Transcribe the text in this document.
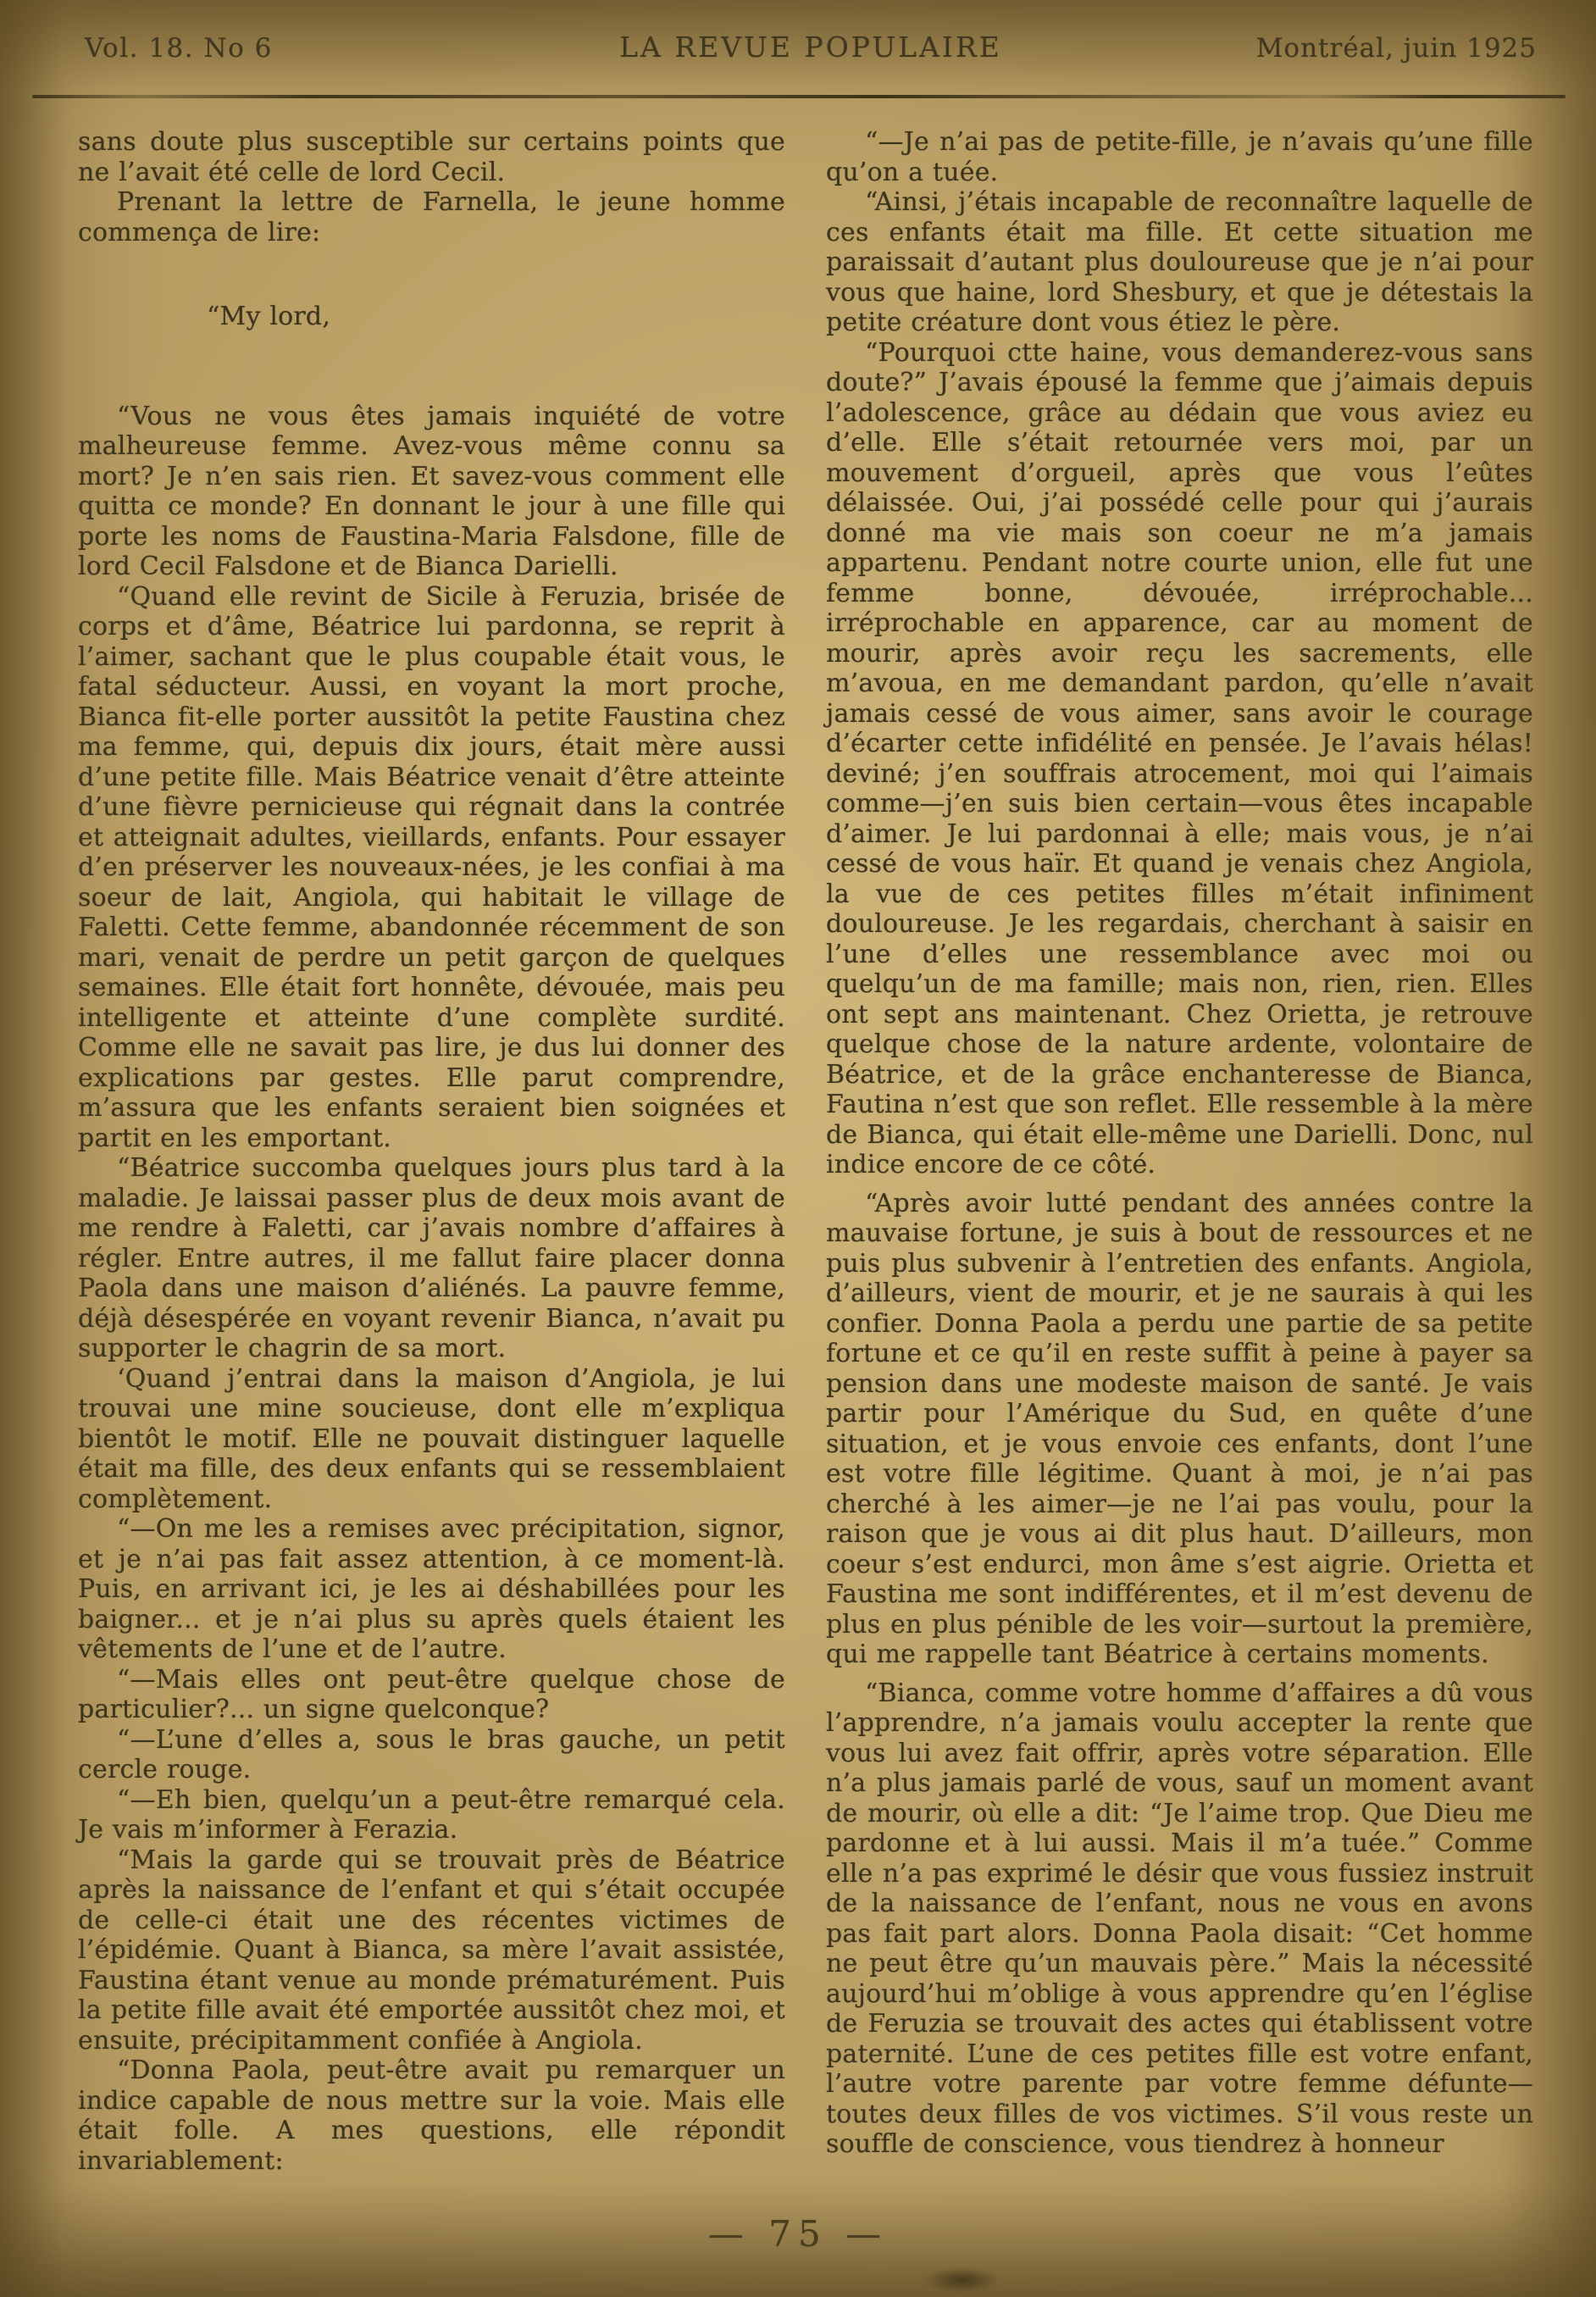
Vol. 18. No 6	LA REVUE POPULAIRE	Montréal, juin 1925

sans doute plus susceptible sur certains points que ne l’avait été celle de lord Cecil.

Prenant la lettre de Farnella, le jeune homme commença de lire:

“My lord,

“Vous ne vous êtes jamais inquiété de votre malheureuse femme. Avez-vous même connu sa mort? Je n’en sais rien. Et savez-vous comment elle quitta ce monde? En donnant le jour à une fille qui porte les noms de Faustina-Maria Falsdone, fille de lord Cecil Falsdone et de Bianca Darielli.

“Quand elle revint de Sicile à Feruzia, brisée de corps et d’âme, Béatrice lui pardonna, se reprit à l’aimer, sachant que le plus coupable était vous, le fatal séducteur. Aussi, en voyant la mort proche, Bianca fit-elle porter aussitôt la petite Faustina chez ma femme, qui, depuis dix jours, était mère aussi d’une petite fille. Mais Béatrice venait d’être atteinte d’une fièvre pernicieuse qui régnait dans la contrée et atteignait adultes, vieillards, enfants. Pour essayer d’en préserver les nouveaux-nées, je les confiai à ma soeur de lait, Angiola, qui habitait le village de Faletti. Cette femme, abandonnée récemment de son mari, venait de perdre un petit garçon de quelques semaines. Elle était fort honnête, dévouée, mais peu intelligente et atteinte d’une complète surdité. Comme elle ne savait pas lire, je dus lui donner des explications par gestes. Elle parut comprendre, m’assura que les enfants seraient bien soignées et partit en les emportant.

“Béatrice succomba quelques jours plus tard à la maladie. Je laissai passer plus de deux mois avant de me rendre à Faletti, car j’avais nombre d’affaires à régler. Entre autres, il me fallut faire placer donna Paola dans une maison d’aliénés. La pauvre femme, déjà désespérée en voyant revenir Bianca, n’avait pu supporter le chagrin de sa mort.

‘Quand j’entrai dans la maison d’Angiola, je lui trouvai une mine soucieuse, dont elle m’expliqua bientôt le motif. Elle ne pouvait distinguer laquelle était ma fille, des deux enfants qui se ressemblaient complètement.

“—On me les a remises avec précipitation, signor, et je n’ai pas fait assez attention, à ce moment-là. Puis, en arrivant ici, je les ai déshabillées pour les baigner... et je n’ai plus su après quels étaient les vêtements de l’une et de l’autre.

“—Mais elles ont peut-être quelque chose de particulier?... un signe quelconque?

“—L’une d’elles a, sous le bras gauche, un petit cercle rouge.

“—Eh bien, quelqu’un a peut-être remarqué cela. Je vais m’informer à Ferazia.

“Mais la garde qui se trouvait près de Béatrice après la naissance de l’enfant et qui s’était occupée de celle-ci était une des récentes victimes de l’épidémie. Quant à Bianca, sa mère l’avait assistée, Faustina étant venue au monde prématurément. Puis la petite fille avait été emportée aussitôt chez moi, et ensuite, précipitamment confiée à Angiola.

“Donna Paola, peut-être avait pu remarquer un indice capable de nous mettre sur la voie. Mais elle était folle. A mes questions, elle répondit invariablement:

“—Je n’ai pas de petite-fille, je n’avais qu’une fille qu’on a tuée.

“Ainsi, j’étais incapable de reconnaître laquelle de ces enfants était ma fille. Et cette situation me paraissait d’autant plus douloureuse que je n’ai pour vous que haine, lord Shesbury, et que je détestais la petite créature dont vous étiez le père.

“Pourquoi ctte haine, vous demanderez-vous sans doute?” J’avais épousé la femme que j’aimais depuis l’adolescence, grâce au dédain que vous aviez eu d’elle. Elle s’était retournée vers moi, par un mouvement d’orgueil, après que vous l’eûtes délaissée. Oui, j’ai possédé celle pour qui j’aurais donné ma vie mais son coeur ne m’a jamais appartenu. Pendant notre courte union, elle fut une femme bonne, dévouée, irréprochable... irréprochable en apparence, car au moment de mourir, après avoir reçu les sacrements, elle m’avoua, en me demandant pardon, qu’elle n’avait jamais cessé de vous aimer, sans avoir le courage d’écarter cette infidélité en pensée. Je l’avais hélas! deviné; j’en souffrais atrocement, moi qui l’aimais comme—j’en suis bien certain—vous êtes incapable d’aimer. Je lui pardonnai à elle; mais vous, je n’ai cessé de vous haïr. Et quand je venais chez Angiola, la vue de ces petites filles m’était infiniment douloureuse. Je les regardais, cherchant à saisir en l’une d’elles une ressemblance avec moi ou quelqu’un de ma famille; mais non, rien, rien. Elles ont sept ans maintenant. Chez Orietta, je retrouve quelque chose de la nature ardente, volontaire de Béatrice, et de la grâce enchanteresse de Bianca, Fautina n’est que son reflet. Elle ressemble à la mère de Bianca, qui était elle-même une Darielli. Donc, nul indice encore de ce côté.

“Après avoir lutté pendant des années contre la mauvaise fortune, je suis à bout de ressources et ne puis plus subvenir à l’entretien des enfants. Angiola, d’ailleurs, vient de mourir, et je ne saurais à qui les confier. Donna Paola a perdu une partie de sa petite fortune et ce qu’il en reste suffit à peine à payer sa pension dans une modeste maison de santé. Je vais partir pour l’Amérique du Sud, en quête d’une situation, et je vous envoie ces enfants, dont l’une est votre fille légitime. Quant à moi, je n’ai pas cherché à les aimer—je ne l’ai pas voulu, pour la raison que je vous ai dit plus haut. D’ailleurs, mon coeur s’est endurci, mon âme s’est aigrie. Orietta et Faustina me sont indifférentes, et il m’est devenu de plus en plus pénible de les voir—surtout la première, qui me rappelle tant Béatrice à certains moments.

“Bianca, comme votre homme d’affaires a dû vous l’apprendre, n’a jamais voulu accepter la rente que vous lui avez fait offrir, après votre séparation. Elle n’a plus jamais parlé de vous, sauf un moment avant de mourir, où elle a dit: “Je l’aime trop. Que Dieu me pardonne et à lui aussi. Mais il m’a tuée.” Comme elle n’a pas exprimé le désir que vous fussiez instruit de la naissance de l’enfant, nous ne vous en avons pas fait part alors. Donna Paola disait: “Cet homme ne peut être qu’un mauvais père.” Mais la nécessité aujourd’hui m’oblige à vous apprendre qu’en l’église de Feruzia se trouvait des actes qui établissent votre paternité. L’une de ces petites fille est votre enfant, l’autre votre parente par votre femme défunte—toutes deux filles de vos victimes. S’il vous reste un souffle de conscience, vous tiendrez à honneur

— 75 —
